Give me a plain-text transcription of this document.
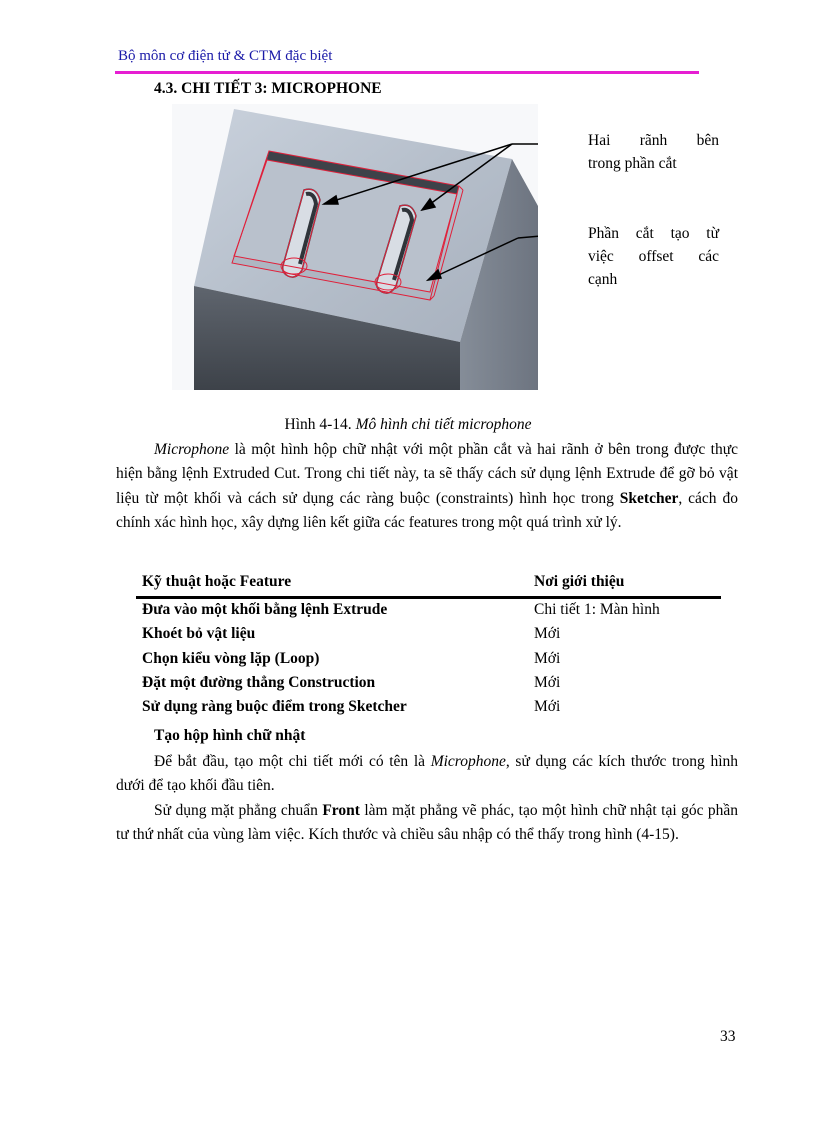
Bộ môn cơ điện tử & CTM đặc biệt
4.3. CHI TIẾT 3: MICROPHONE
Hai rãnh bên
trong phần cắt
Phần cắt tạo từ
việc offset các
cạnh
Hình 4-14. Mô hình chi tiết microphone

Microphone là một hình hộp chữ nhật với một phần cắt và hai rãnh ở bên trong được thực hiện bằng lệnh Extruded Cut. Trong chi tiết này, ta sẽ thấy cách sử dụng lệnh Extrude để gỡ bỏ vật liệu từ một khối và cách sử dụng các ràng buộc (constraints) hình học trong Sketcher, cách đo chính xác hình học, xây dựng liên kết giữa các features trong một quá trình xử lý.

Kỹ thuật hoặc Feature	Nơi giới thiệu
Đưa vào một khối bằng lệnh Extrude	Chi tiết 1: Màn hình
Khoét bỏ vật liệu	Mới
Chọn kiểu vòng lặp (Loop)	Mới
Đặt một đường thẳng Construction	Mới
Sử dụng ràng buộc điểm trong Sketcher	Mới
Tạo hộp hình chữ nhật

Để bắt đầu, tạo một chi tiết mới có tên là Microphone, sử dụng các kích thước trong hình dưới để tạo khối đầu tiên.

Sử dụng mặt phẳng chuẩn Front làm mặt phẳng vẽ phác, tạo một hình chữ nhật tại góc phần tư thứ nhất của vùng làm việc. Kích thước và chiều sâu nhập có thể thấy trong hình (4-15).

33
